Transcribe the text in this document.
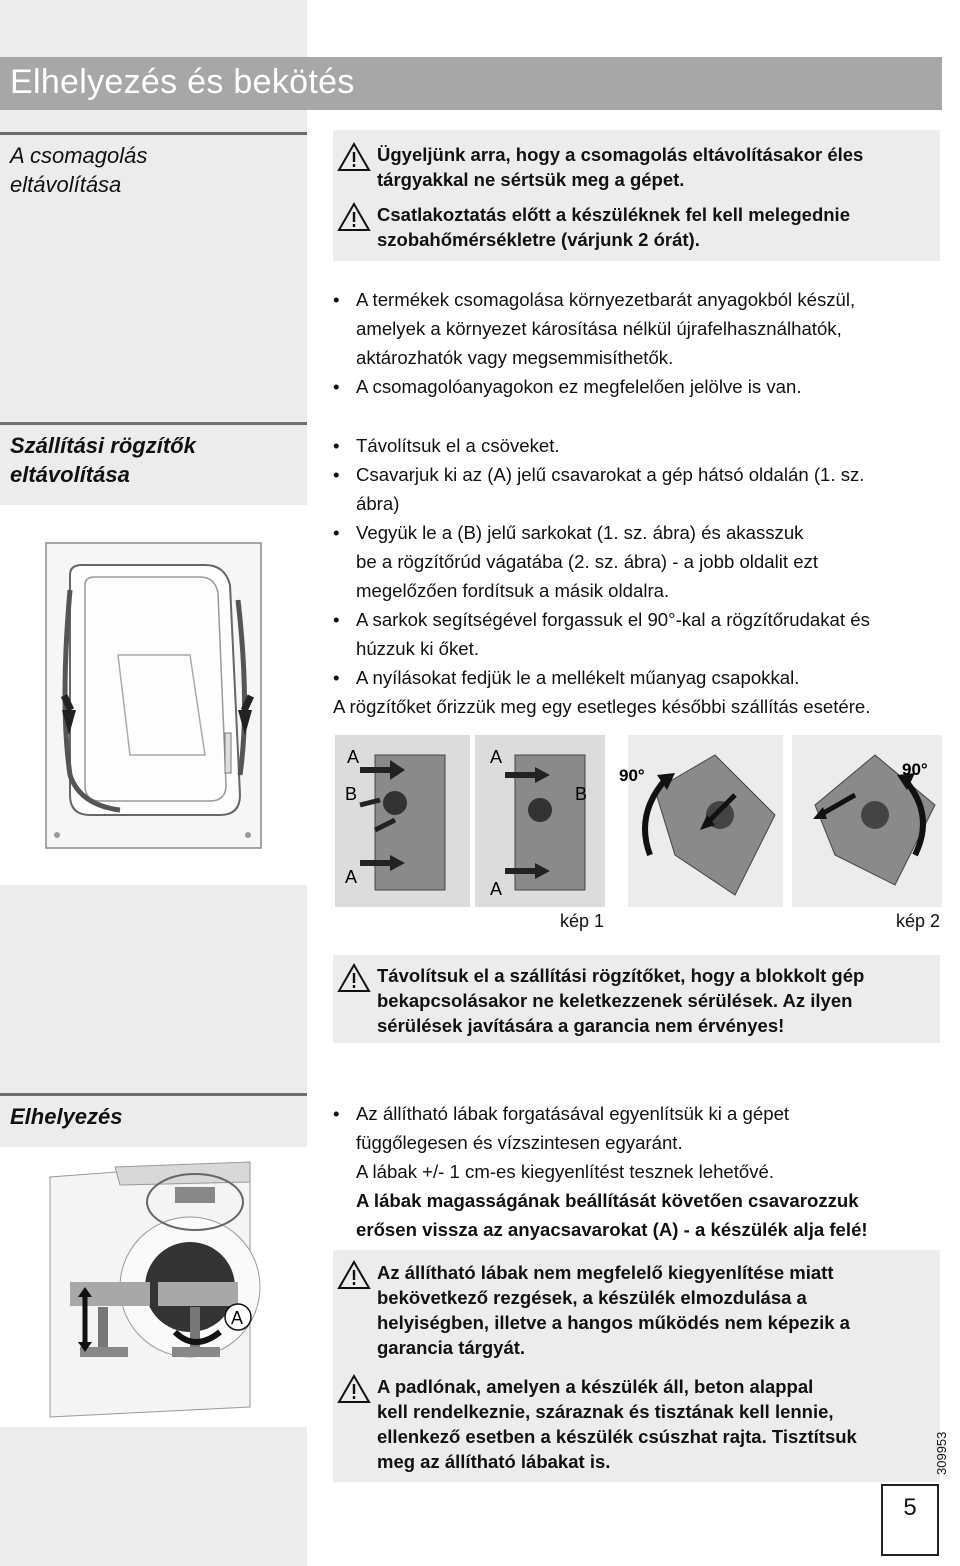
Elhelyezés és bekötés
A csomagolás
eltávolítása
Ügyeljünk arra, hogy a csomagolás eltávolításakor éles
tárgyakkal ne sértsük meg a gépet.
Csatlakoztatás előtt a készüléknek fel kell melegednie
szobahőmérsékletre (várjunk 2 órát).
• A termékek csomagolása környezetbarát anyagokból készül,
amelyek a környezet károsítása nélkül újrafelhasználhatók,
aktározhatók vagy megsemmisíthetők.
• A csomagolóanyagokon ez megfelelően jelölve is van.
Szállítási rögzítők
eltávolítása
• Távolítsuk el a csöveket.
• Csavarjuk ki az (A) jelű csavarokat a gép hátsó oldalán (1. sz.
ábra)
• Vegyük le a (B) jelű sarkokat (1. sz. ábra) és akasszuk
be a rögzítőrúd vágatába (2. sz. ábra) - a jobb oldalit ezt
megelőzően fordítsuk a másik oldalra.
• A sarkok segítségével forgassuk el 90°-kal a rögzítőrudakat és
húzzuk ki őket.
• A nyílásokat fedjük le a mellékelt műanyag csapokkal.
A rögzítőket őrizzük meg egy esetleges későbbi szállítás esetére.
A
B
A
A
B
A
90°	90°
kép 1	kép 2
Távolítsuk el a szállítási rögzítőket, hogy a blokkolt gép
bekapcsolásakor ne keletkezzenek sérülések. Az ilyen
sérülések javítására a garancia nem érvényes!
Elhelyezés
A
• Az állítható lábak forgatásával egyenlítsük ki a gépet
függőlegesen és vízszintesen egyaránt.
A lábak +/- 1 cm-es kiegyenlítést tesznek lehetővé.
A lábak magasságának beállítását követően csavarozzuk
erősen vissza az anyacsavarokat (A) - a készülék alja felé!
Az állítható lábak nem megfelelő kiegyenlítése miatt
bekövetkező rezgések, a készülék elmozdulása a
helyiségben, illetve a hangos működés nem képezik a
garancia tárgyát.
A padlónak, amelyen a készülék áll, beton alappal
kell rendelkeznie, száraznak és tisztának kell lennie,
ellenkező esetben a készülék csúszhat rajta. Tisztítsuk
meg az állítható lábakat is.	309953
5
